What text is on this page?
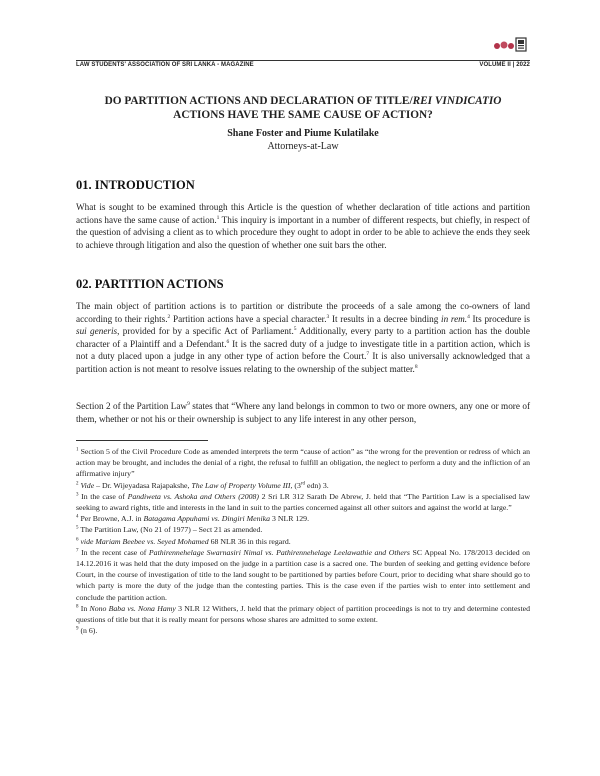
LAW STUDENTS' ASSOCIATION OF SRI LANKA - MAGAZINE	VOLUME II | 2022
DO PARTITION ACTIONS AND DECLARATION OF TITLE/REI VINDICATIO
ACTIONS HAVE THE SAME CAUSE OF ACTION?
Shane Foster and Piume Kulatilake
Attorneys-at-Law
01. INTRODUCTION
What is sought to be examined through this Article is the question of whether declaration of title actions and partition actions have the same cause of action.$^1$ This inquiry is important in a number of different respects, but chiefly, in respect of the question of advising a client as to which procedure they ought to adopt in order to be able to achieve the ends they seek to achieve through litigation and also the question of whether one suit bars the other.
02. PARTITION ACTIONS
The main object of partition actions is to partition or distribute the proceeds of a sale among the co-owners of land according to their rights.$^2$ Partition actions have a special character.$^3$ It results in a decree binding in rem.$^4$ Its procedure is sui generis, provided for by a specific Act of Parliament.$^5$ Additionally, every party to a partition action has the double character of a Plaintiff and a Defendant.$^6$ It is the sacred duty of a judge to investigate title in a partition action, which is not a duty placed upon a judge in any other type of action before the Court.$^7$ It is also universally acknowledged that a partition action is not meant to resolve issues relating to the ownership of the subject matter.$^8$
Section 2 of the Partition Law$^9$ states that “Where any land belongs in common to two or more owners, any one or more of them, whether or not his or their ownership is subject to any life interest in any other person,

$^1$ Section 5 of the Civil Procedure Code as amended interprets the term “cause of action” as “the wrong for the prevention or redress of which an action may be brought, and includes the denial of a right, the refusal to fulfill an obligation, the neglect to perform a duty and the infliction of an affirmative injury”

$^2$ Vide – Dr. Wijeyadasa Rajapakshe, The Law of Property Volume III, (3rd edn) 3.

$^3$ In the case of Pandiweta vs. Ashoka and Others (2008) 2 Sri LR 312 Sarath De Abrew, J. held that “The Partition Law is a specialised law seeking to award rights, title and interests in the land in suit to the parties concerned against all other suitors and against the world at large.”

$^4$ Per Browne, A.J. in Batagama Appuhami vs. Dingiri Menika 3 NLR 129.

$^5$ The Partition Law, (No 21 of 1977) – Sect 21 as amended.

$^6$ vide Mariam Beebee vs. Seyed Mohamed 68 NLR 36 in this regard.

$^7$ In the recent case of Pathirennehelage Swarnasiri Nimal vs. Pathirennehelage Leelawathie and Others SC Appeal No. 178/2013 decided on 14.12.2016 it was held that the duty imposed on the judge in a partition case is a sacred one. The burden of seeking and getting evidence before Court, in the course of investigation of title to the land sought to be partitioned by parties before Court, prior to deciding what share should go to which party is more the duty of the judge than the contesting parties. This is the case even if the parties wish to enter into settlement and conclude the partition action.

$^8$ In Nono Baba vs. Nona Hamy 3 NLR 12 Withers, J. held that the primary object of partition proceedings is not to try and determine contested questions of title but that it is really meant for persons whose shares are admitted to some extent.

$^9$ (n 6).
